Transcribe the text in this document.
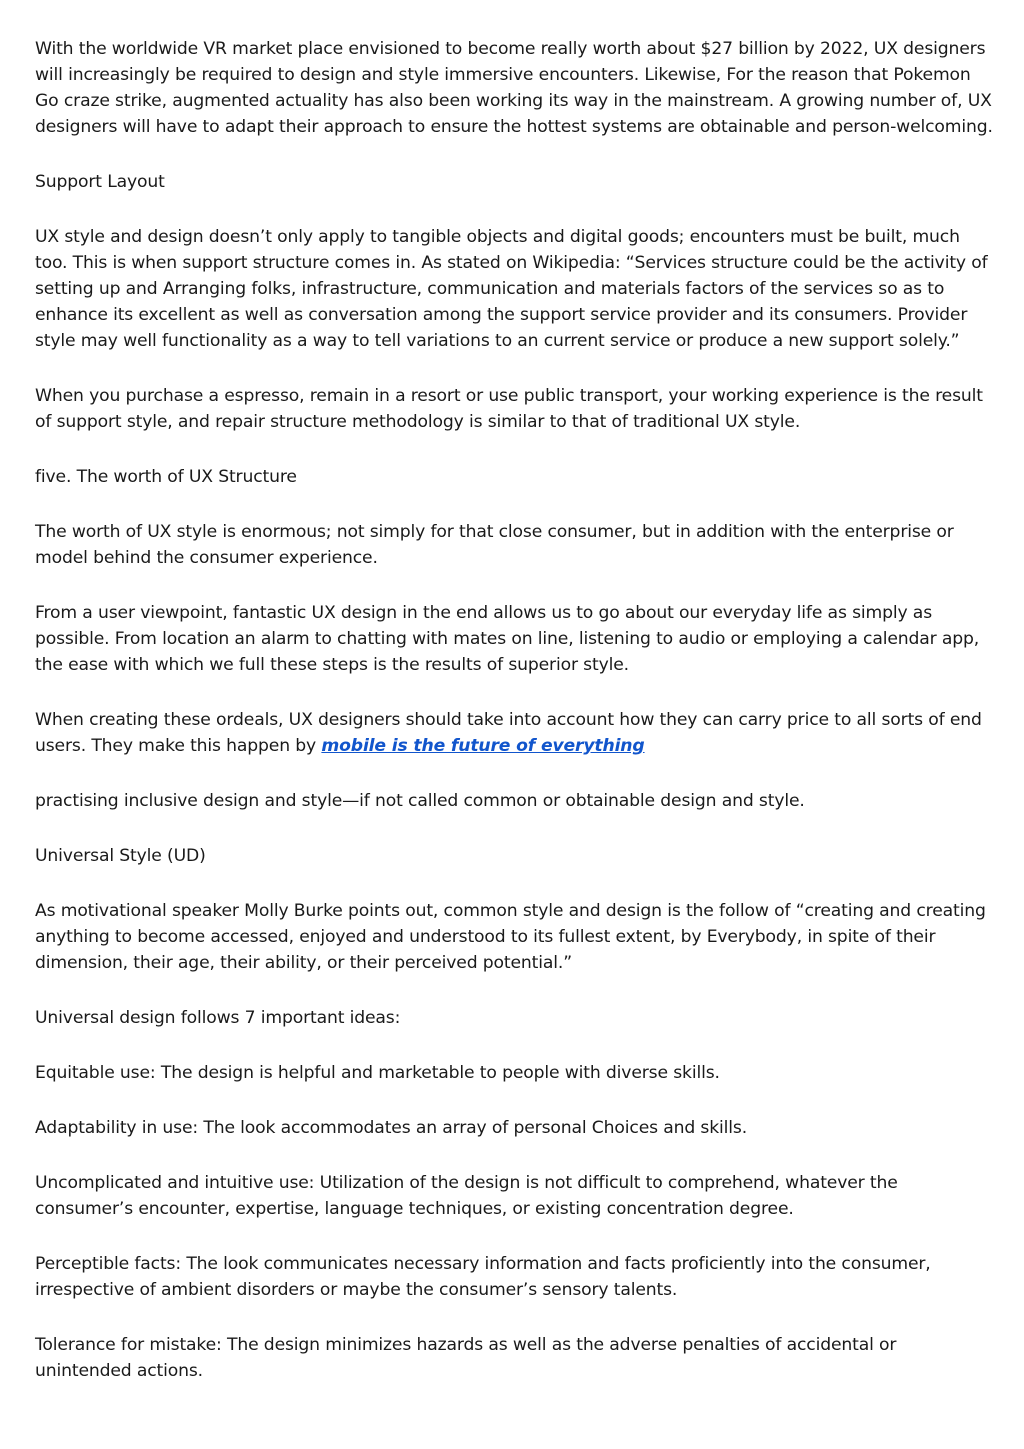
With the worldwide VR market place envisioned to become really worth about $27 billion by 2022, UX designers will increasingly be required to design and style immersive encounters. Likewise, For the reason that Pokemon Go craze strike, augmented actuality has also been working its way in the mainstream. A growing number of, UX designers will have to adapt their approach to ensure the hottest systems are obtainable and person-welcoming.

Support Layout

UX style and design doesn’t only apply to tangible objects and digital goods; encounters must be built, much too. This is when support structure comes in. As stated on Wikipedia: “Services structure could be the activity of setting up and Arranging folks, infrastructure, communication and materials factors of the services so as to enhance its excellent as well as conversation among the support service provider and its consumers. Provider style may well functionality as a way to tell variations to an current service or produce a new support solely.”

When you purchase a espresso, remain in a resort or use public transport, your working experience is the result of support style, and repair structure methodology is similar to that of traditional UX style.

five. The worth of UX Structure

The worth of UX style is enormous; not simply for that close consumer, but in addition with the enterprise or model behind the consumer experience.

From a user viewpoint, fantastic UX design in the end allows us to go about our everyday life as simply as possible. From location an alarm to chatting with mates on line, listening to audio or employing a calendar app, the ease with which we full these steps is the results of superior style.

When creating these ordeals, UX designers should take into account how they can carry price to all sorts of end users. They make this happen by mobile is the future of everything

practising inclusive design and style—if not called common or obtainable design and style.

Universal Style (UD)

As motivational speaker Molly Burke points out, common style and design is the follow of “creating and creating anything to become accessed, enjoyed and understood to its fullest extent, by Everybody, in spite of their dimension, their age, their ability, or their perceived potential.”

Universal design follows 7 important ideas:

Equitable use: The design is helpful and marketable to people with diverse skills.

Adaptability in use: The look accommodates an array of personal Choices and skills.

Uncomplicated and intuitive use: Utilization of the design is not difficult to comprehend, whatever the consumer’s encounter, expertise, language techniques, or existing concentration degree.

Perceptible facts: The look communicates necessary information and facts proficiently into the consumer, irrespective of ambient disorders or maybe the consumer’s sensory talents.

Tolerance for mistake: The design minimizes hazards as well as the adverse penalties of accidental or unintended actions.
